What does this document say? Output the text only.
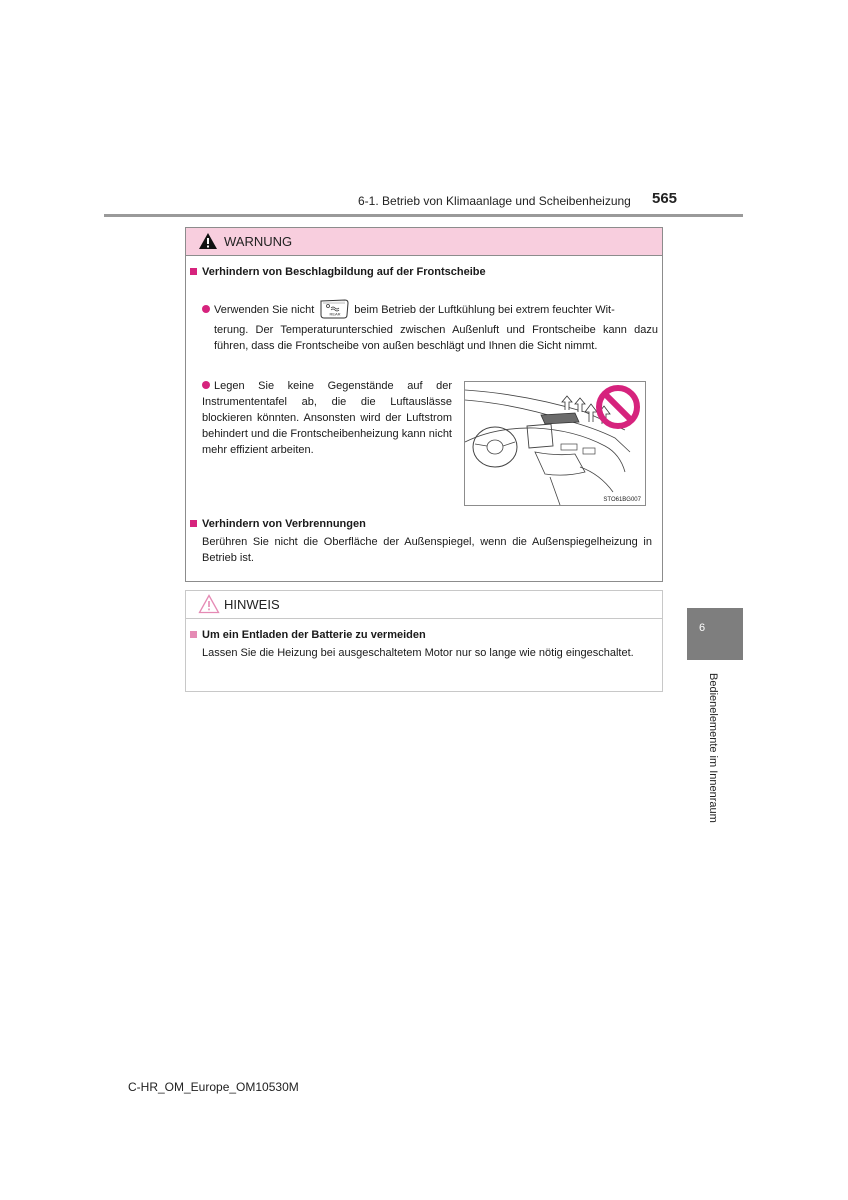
6-1. Betrieb von Klimaanlage und Scheibenheizung 565
WARNUNG
Verhindern von Beschlagbildung auf der Frontscheibe
Verwenden Sie nicht	REAR beim Betrieb der Luftkühlung bei extrem feuchter Wit-
terung. Der Temperaturunterschied zwischen Außenluft und Frontscheibe kann dazu führen, dass die Frontscheibe von außen beschlägt und Ihnen die Sicht nimmt.
Legen Sie keine Gegenstände auf der Instrumententafel ab, die die Luftauslässe blockieren könnten. Ansonsten wird der Luftstrom behindert und die Frontscheibenheizung kann nicht mehr effizient arbeiten.
Verhindern von Verbrennungen
Berühren Sie nicht die Oberfläche der Außenspiegel, wenn die Außenspiegelheizung in Betrieb ist.
STO61BG007
HINWEIS
Um ein Entladen der Batterie zu vermeiden
Lassen Sie die Heizung bei ausgeschaltetem Motor nur so lange wie nötig eingeschaltet.
6
Bedienelemente im Innenraum
C-HR_OM_Europe_OM10530M
